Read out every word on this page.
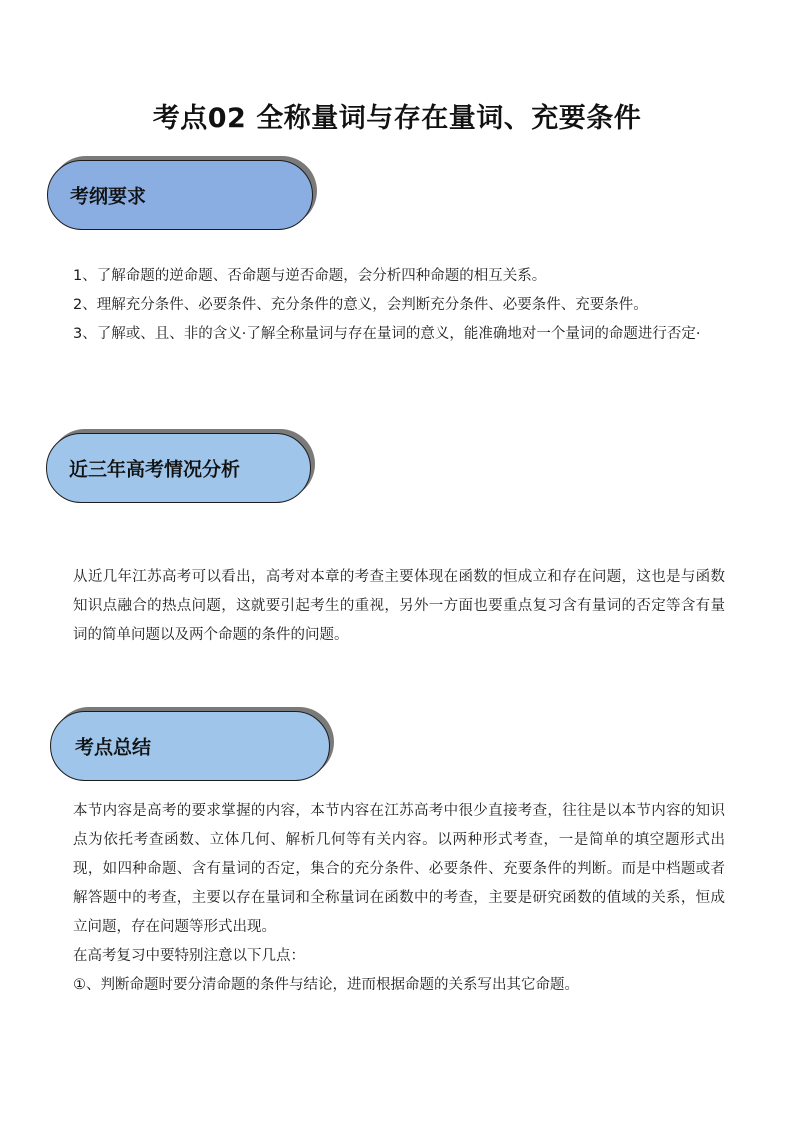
考点02 全称量词与存在量词、充要条件
考纲要求

1、了解命题的逆命题、否命题与逆否命题，会分析四种命题的相互关系。

2、理解充分条件、必要条件、充分条件的意义，会判断充分条件、必要条件、充要条件。

3、了解或、且、非的含义·了解全称量词与存在量词的意义，能准确地对一个量词的命题进行否定·

近三年高考情况分析
从近几年江苏高考可以看出，高考对本章的考查主要体现在函数的恒成立和存在问题，这也是与函数知识点融合的热点问题，这就要引起考生的重视，另外一方面也要重点复习含有量词的否定等含有量词的简单问题以及两个命题的条件的问题。
考点总结

本节内容是高考的要求掌握的内容，本节内容在江苏高考中很少直接考查，往往是以本节内容的知识点为依托考查函数、立体几何、解析几何等有关内容。以两种形式考查，一是简单的填空题形式出现，如四种命题、含有量词的否定，集合的充分条件、必要条件、充要条件的判断。而是中档题或者解答题中的考查，主要以存在量词和全称量词在函数中的考查，主要是研究函数的值域的关系，恒成立问题，存在问题等形式出现。

在高考复习中要特别注意以下几点：

①、判断命题时要分清命题的条件与结论，进而根据命题的关系写出其它命题。
